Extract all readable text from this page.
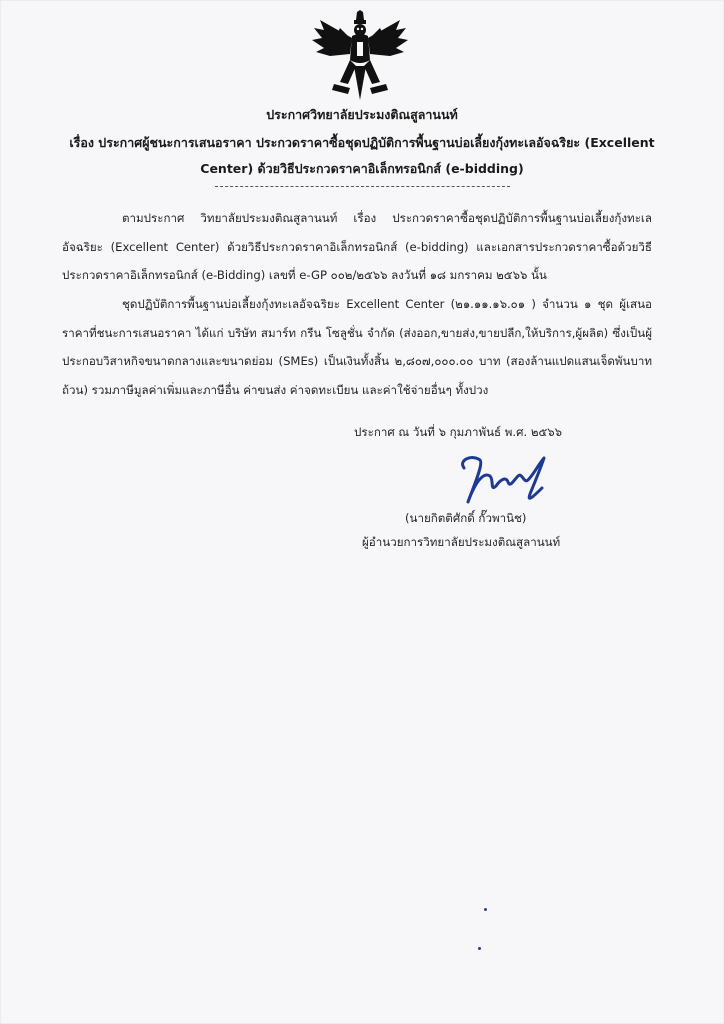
ประกาศวิทยาลัยประมงติณสูลานนท์
เรื่อง ประกาศผู้ชนะการเสนอราคา ประกวดราคาซื้อชุดปฏิบัติการพื้นฐานบ่อเลี้ยงกุ้งทะเลอัจฉริยะ (Excellent
Center) ด้วยวิธีประกวดราคาอิเล็กทรอนิกส์ (e-bidding)
ตามประกาศ วิทยาลัยประมงติณสูลานนท์ เรื่อง ประกวดราคาซื้อชุดปฏิบัติการพื้นฐานบ่อเลี้ยงกุ้งทะเลอัจฉริยะ (Excellent Center) ด้วยวิธีประกวดราคาอิเล็กทรอนิกส์ (e-bidding) และเอกสารประกวดราคาซื้อด้วยวิธีประกวดราคาอิเล็กทรอนิกส์ (e-Bidding) เลขที่ e-GP ๐๐๒/๒๕๖๖ ลงวันที่ ๑๘ มกราคม ๒๕๖๖ นั้น
ชุดปฏิบัติการพื้นฐานบ่อเลี้ยงกุ้งทะเลอัจฉริยะ Excellent Center (๒๑.๑๑.๑๖.๐๑ ) จำนวน ๑ ชุด ผู้เสนอราคาที่ชนะการเสนอราคา ได้แก่ บริษัท สมาร์ท กรีน โซลูชั่น จำกัด (ส่งออก,ขายส่ง,ขายปลีก,ให้บริการ,ผู้ผลิต) ซึ่งเป็นผู้ประกอบวิสาหกิจขนาดกลางและขนาดย่อม (SMEs) เป็นเงินทั้งสิ้น ๒,๘๐๗,๐๐๐.๐๐ บาท (สองล้านแปดแสนเจ็ดพันบาทถ้วน) รวมภาษีมูลค่าเพิ่มและภาษีอื่น ค่าขนส่ง ค่าจดทะเบียน และค่าใช้จ่ายอื่นๆ ทั้งปวง
ประกาศ ณ วันที่ ๖ กุมภาพันธ์ พ.ศ. ๒๕๖๖
(นายกิตติศักดิ์ กั๊วพานิช)
ผู้อำนวยการวิทยาลัยประมงติณสูลานนท์
